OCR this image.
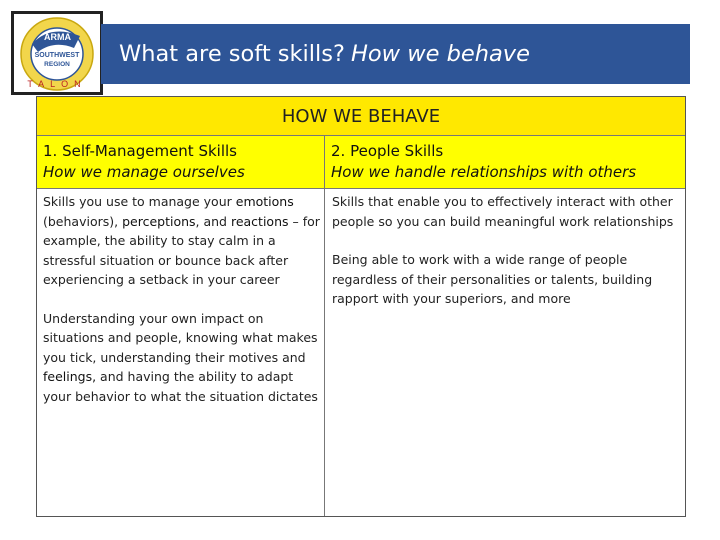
ARMA
SOUTHWEST
REGION
TALON
What are soft skills? How we behave
HOW WE BEHAVE
1. Self-Management Skills
How we manage ourselves
2. People Skills
How we handle relationships with others

Skills you use to manage your emotions (behaviors), perceptions, and reactions – for example, the ability to stay calm in a stressful situation or bounce back after experiencing a setback in your career

Understanding your own impact on situations and people, knowing what makes you tick, understanding their motives and feelings, and having the ability to adapt your behavior to what the situation dictates

Skills that enable you to effectively interact with other people so you can build meaningful work relationships

Being able to work with a wide range of people regardless of their personalities or talents, building rapport with your superiors, and more
